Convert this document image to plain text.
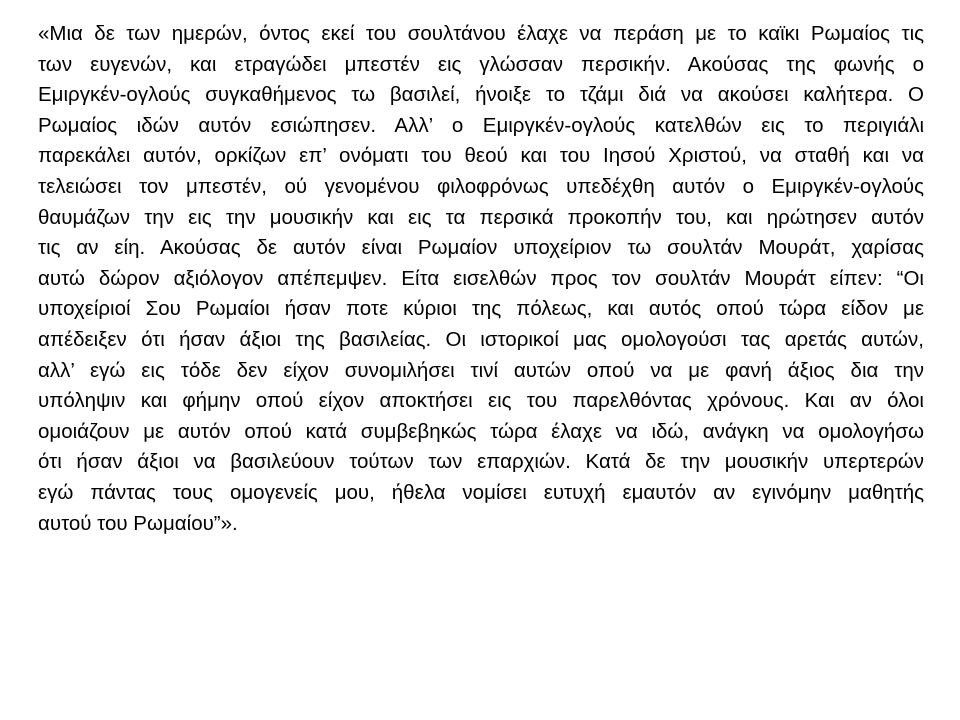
«Μια δε των ημερών, όντος εκεί του σουλτάνου έλαχε να περάση με το καϊκι Ρωμαίος τις
των ευγενών, και ετραγώδει μπεστέν εις γλώσσαν περσικήν. Ακούσας της φωνής ο
Εμιργκέν-ογλούς συγκαθήμενος τω βασιλεί, ήνοιξε το τζάμι διά να ακούσει καλήτερα. Ο
Ρωμαίος ιδών αυτόν εσιώπησεν. Αλλ’ ο Εμιργκέν-ογλούς κατελθών εις το περιγιάλι
παρεκάλει αυτόν, ορκίζων επ’ ονόματι του θεού και του Ιησού Χριστού, να σταθή και να
τελειώσει τον μπεστέν, ού γενομένου φιλοφρόνως υπεδέχθη αυτόν ο Εμιργκέν-ογλούς
θαυμάζων την εις την μουσικήν και εις τα περσικά προκοπήν του, και ηρώτησεν αυτόν
τις αν είη. Ακούσας δε αυτόν είναι Ρωμαίον υποχείριον τω σουλτάν Μουράτ, χαρίσας
αυτώ δώρον αξιόλογον απέπεμψεν. Είτα εισελθών προς τον σουλτάν Μουράτ είπεν: “Οι
υποχείριοί Σου Ρωμαίοι ήσαν ποτε κύριοι της πόλεως, και αυτός οπού τώρα είδον με
απέδειξεν ότι ήσαν άξιοι της βασιλείας. Οι ιστορικοί μας ομολογούσι τας αρετάς αυτών,
αλλ’ εγώ εις τόδε δεν είχον συνομιλήσει τινί αυτών οπού να με φανή άξιος δια την
υπόληψιν και φήμην οπού είχον αποκτήσει εις του παρελθόντας χρόνους. Και αν όλοι
ομοιάζουν με αυτόν οπού κατά συμβεβηκώς τώρα έλαχε να ιδώ, ανάγκη να ομολογήσω
ότι ήσαν άξιοι να βασιλεύουν τούτων των επαρχιών. Κατά δε την μουσικήν υπερτερών
εγώ πάντας τους ομογενείς μου, ήθελα νομίσει ευτυχή εμαυτόν αν εγινόμην μαθητής
αυτού του Ρωμαίου”».
